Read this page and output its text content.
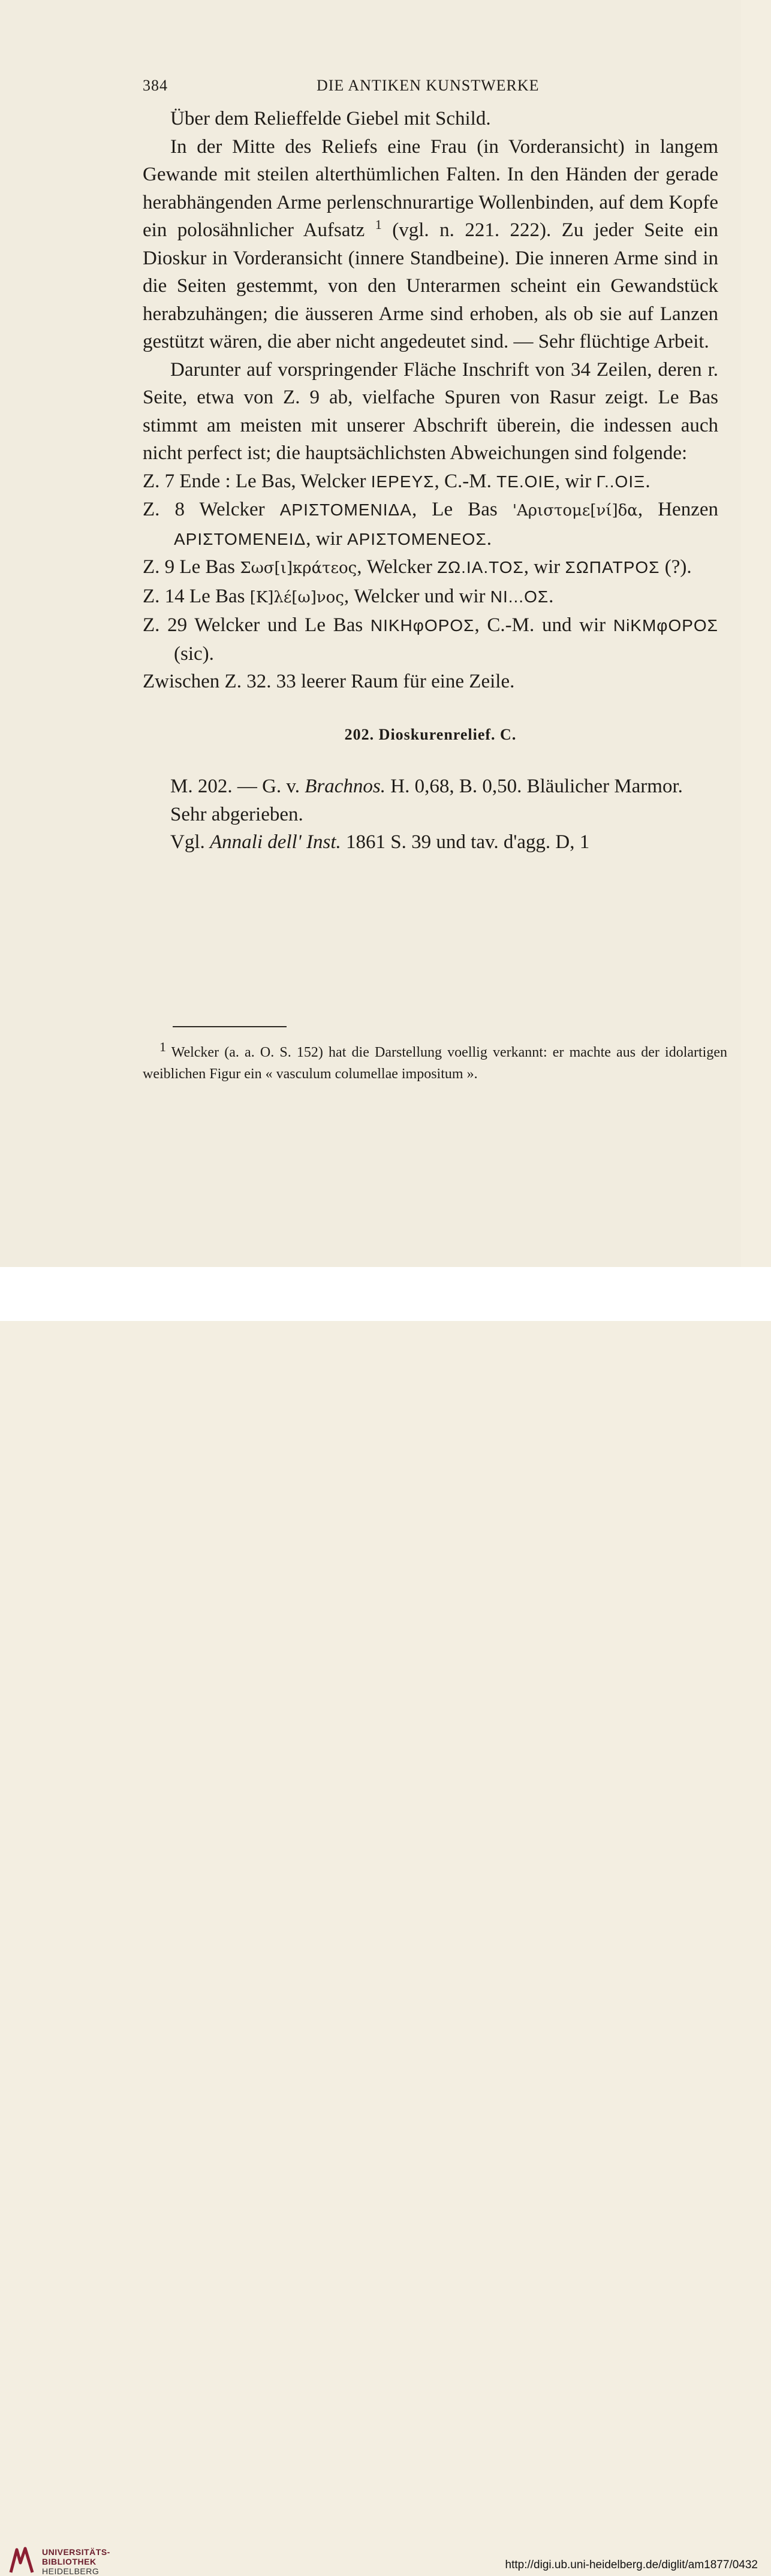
384	DIE ANTIKEN KUNSTWERKE

Über dem Relieffelde Giebel mit Schild.

In der Mitte des Reliefs eine Frau (in Vorderansicht) in langem Gewande mit steilen alterthümlichen Falten. In den Händen der gerade herabhängenden Arme perlenschnurartige Wollenbinden, auf dem Kopfe ein polosähnlicher Aufsatz $^1$ (vgl. n. 221. 222). Zu jeder Seite ein Dioskur in Vorderansicht (innere Standbeine). Die inneren Arme sind in die Seiten gestemmt, von den Unterarmen scheint ein Gewandstück herabzuhängen; die äusseren Arme sind erhoben, als ob sie auf Lanzen gestützt wären, die aber nicht angedeutet sind. — Sehr flüchtige Arbeit.

Darunter auf vorspringender Fläche Inschrift von 34 Zeilen, deren r. Seite, etwa von Z. 9 ab, vielfache Spuren von Rasur zeigt. Le Bas stimmt am meisten mit unserer Abschrift überein, die indessen auch nicht perfect ist; die hauptsächlichsten Abweichungen sind folgende:

Z. 7 Ende : Le Bas, Welcker ΙΕΡΕΥΣ, C.-M. ΤΕ.ΟΙΕ, wir Γ..ΟΙΞ.

Z. 8 Welcker ΑΡΙΣΤΟΜΕΝΙΔΑ, Le Bas 'Αριστομε[νί]δα, Henzen ΑΡΙΣΤΟΜΕΝΕΙΔ, wir ΑΡΙΣΤΟΜΕΝΕΟΣ.

Z. 9 Le Bas Σωσ[ι]κράτεος, Welcker ΖΩ.ΙΑ.ΤΟΣ, wir ΣΩΠΑΤΡΟΣ (?).

Z. 14 Le Bas [Κ]λέ[ω]νος, Welcker und wir ΝΙ...ΟΣ.

Z. 29 Welcker und Le Bas ΝΙΚΗφΟΡΟΣ, C.-M. und wir ΝiΚΜφΟΡΟΣ (sic).

Zwischen Z. 32. 33 leerer Raum für eine Zeile.

202. Dioskurenrelief. C.

M. 202. — G. v. Brachnos. H. 0,68, B. 0,50. Bläulicher Marmor.

Sehr abgerieben.

Vgl. Annali dell' Inst. 1861 S. 39 und tav. d'agg. D, 1

1 Welcker (a. a. O. S. 152) hat die Darstellung voellig verkannt: er machte aus der idolartigen weiblichen Figur ein « vasculum columellae impositum ».

UNIVERSITÄTS-
BIBLIOTHEK
HEIDELBERG	http://digi.ub.uni-heidelberg.de/diglit/am1877/0432
